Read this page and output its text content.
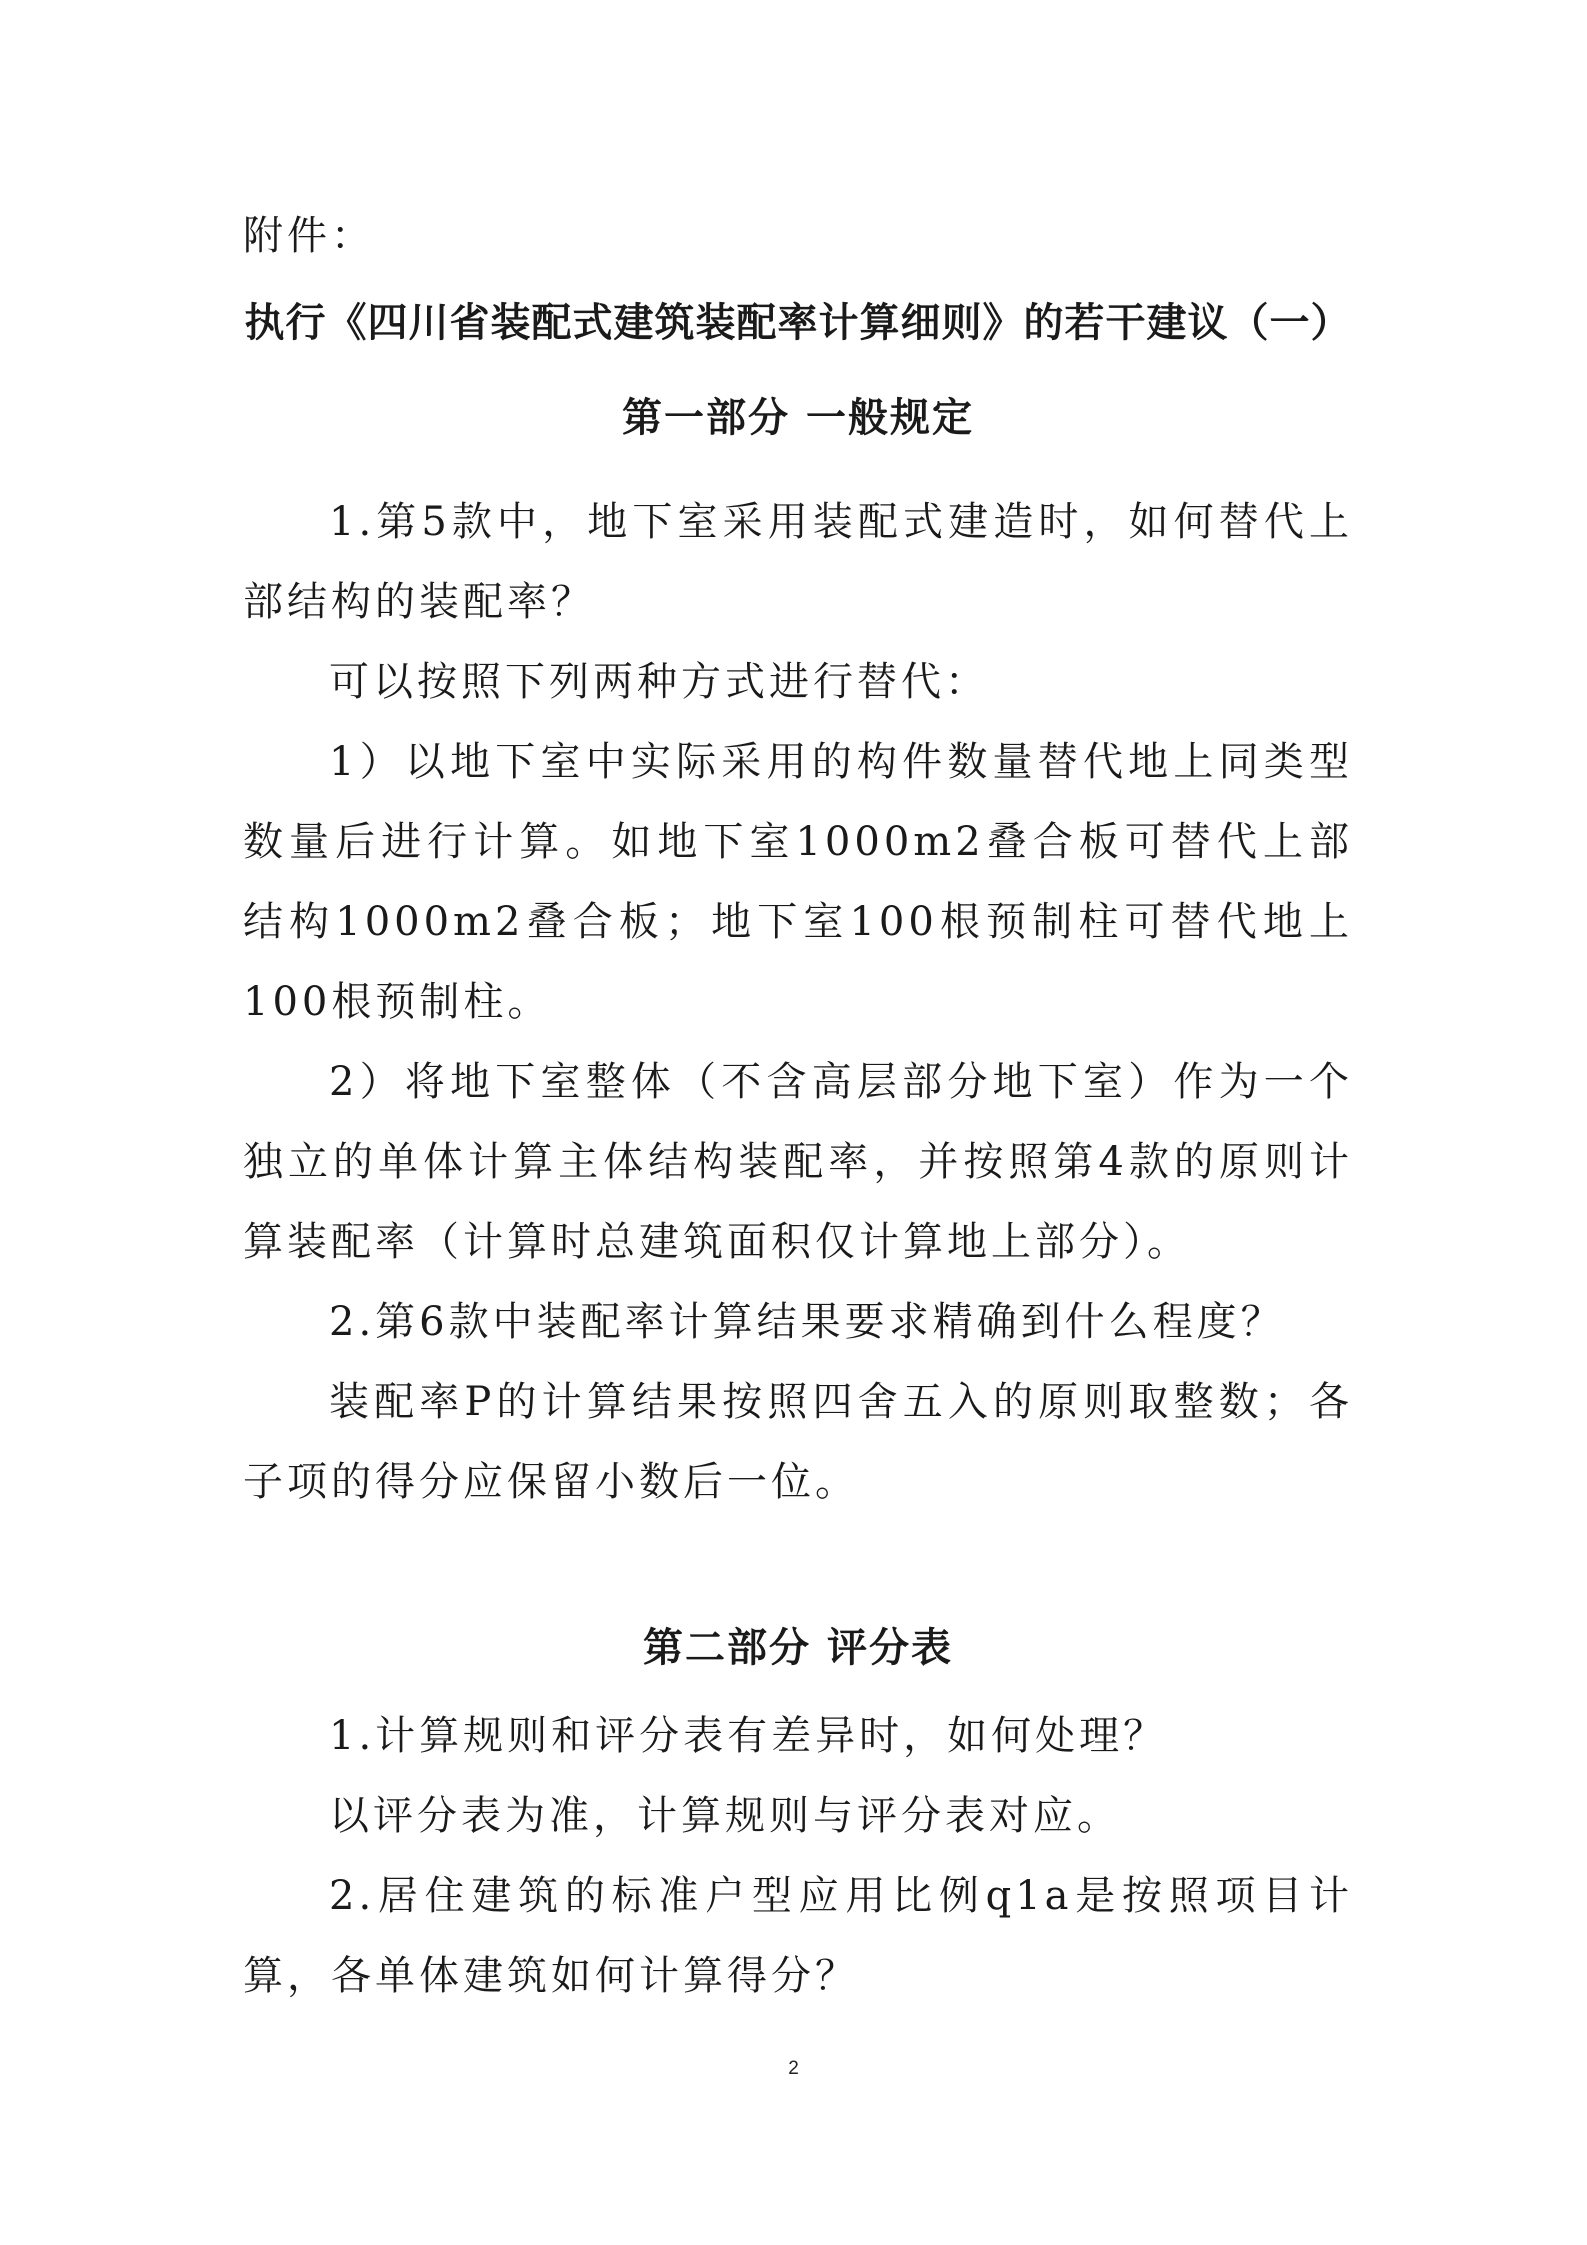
附件：

执行《四川省装配式建筑装配率计算细则》的若干建议（一）

第一部分 一般规定

1.第5款中，地下室采用装配式建造时，如何替代上部结构的装配率？

可以按照下列两种方式进行替代：

1）以地下室中实际采用的构件数量替代地上同类型数量后进行计算。如地下室1000m2叠合板可替代上部结构1000m2叠合板；地下室100根预制柱可替代地上100根预制柱。

2）将地下室整体（不含高层部分地下室）作为一个独立的单体计算主体结构装配率，并按照第4款的原则计算装配率（计算时总建筑面积仅计算地上部分）。

2.第6款中装配率计算结果要求精确到什么程度？

装配率P的计算结果按照四舍五入的原则取整数；各子项的得分应保留小数后一位。

第二部分 评分表

1.计算规则和评分表有差异时，如何处理？

以评分表为准，计算规则与评分表对应。

2.居住建筑的标准户型应用比例q1a是按照项目计算，各单体建筑如何计算得分？

2
